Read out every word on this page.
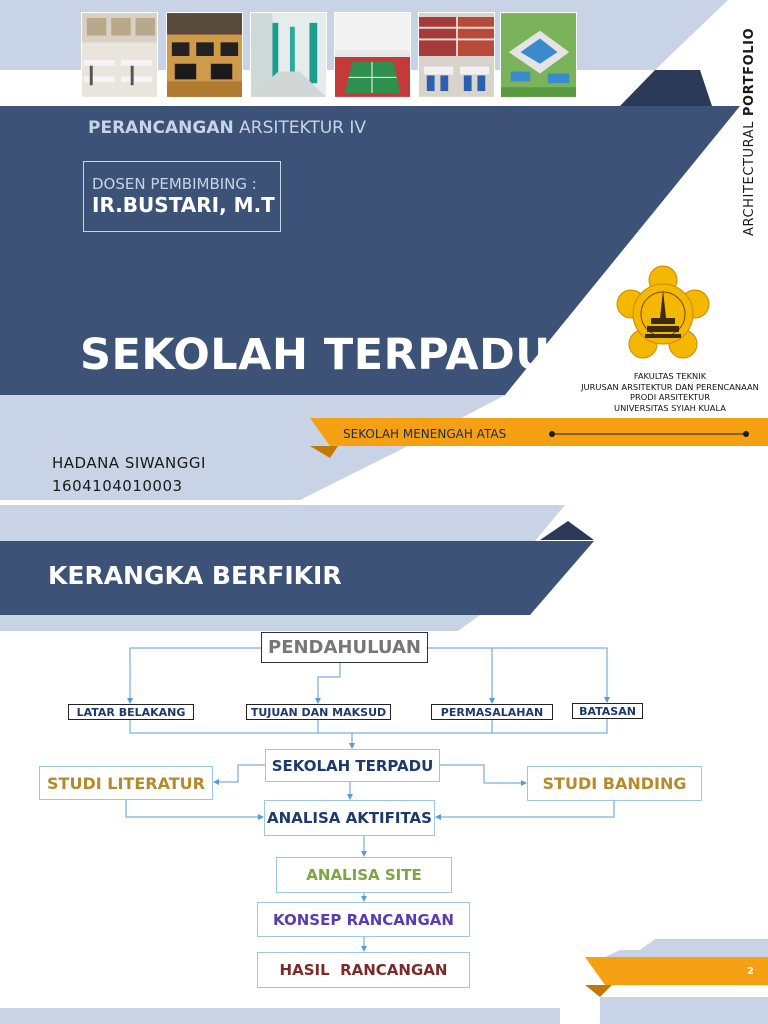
PERANCANGAN ARSITEKTUR IV
DOSEN PEMBIMBING :
IR.BUSTARI, M.T
SEKOLAH TERPADU
ARCHITECTURAL PORTFOLIO
FAKULTAS TEKNIK
JURUSAN ARSITEKTUR DAN PERENCANAAN
PRODI ARSITEKTUR
UNIVERSITAS SYIAH KUALA
SEKOLAH MENENGAH ATAS
HADANA SIWANGGI
1604104010003
KERANGKA BERFIKIR
PENDAHULUAN
LATAR BELAKANG	TUJUAN DAN MAKSUD	PERMASALAHAN	BATASAN
SEKOLAH TERPADU
STUDI LITERATUR	STUDI BANDING
ANALISA AKTIFITAS
ANALISA SITE
KONSEP RANCANGAN
HASIL  RANCANGAN	2
